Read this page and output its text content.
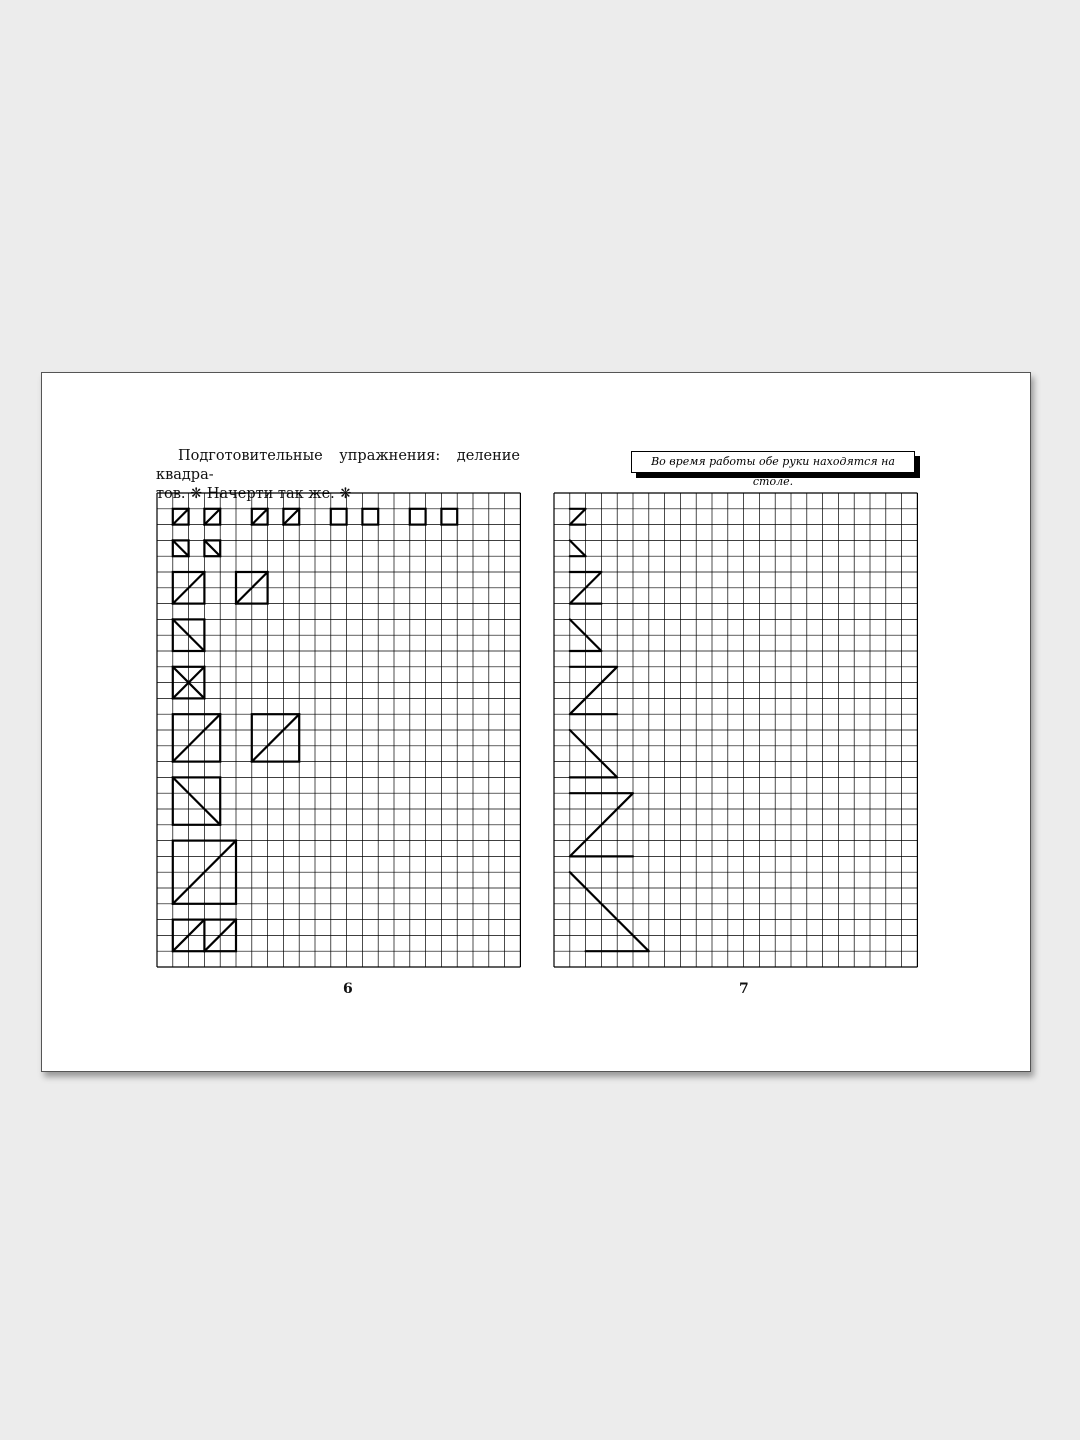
Подготовительные упражнения: деление квадра-
тов. ❋ Начерти так же. ❋
Во время работы обе руки находятся на столе.
6	7
